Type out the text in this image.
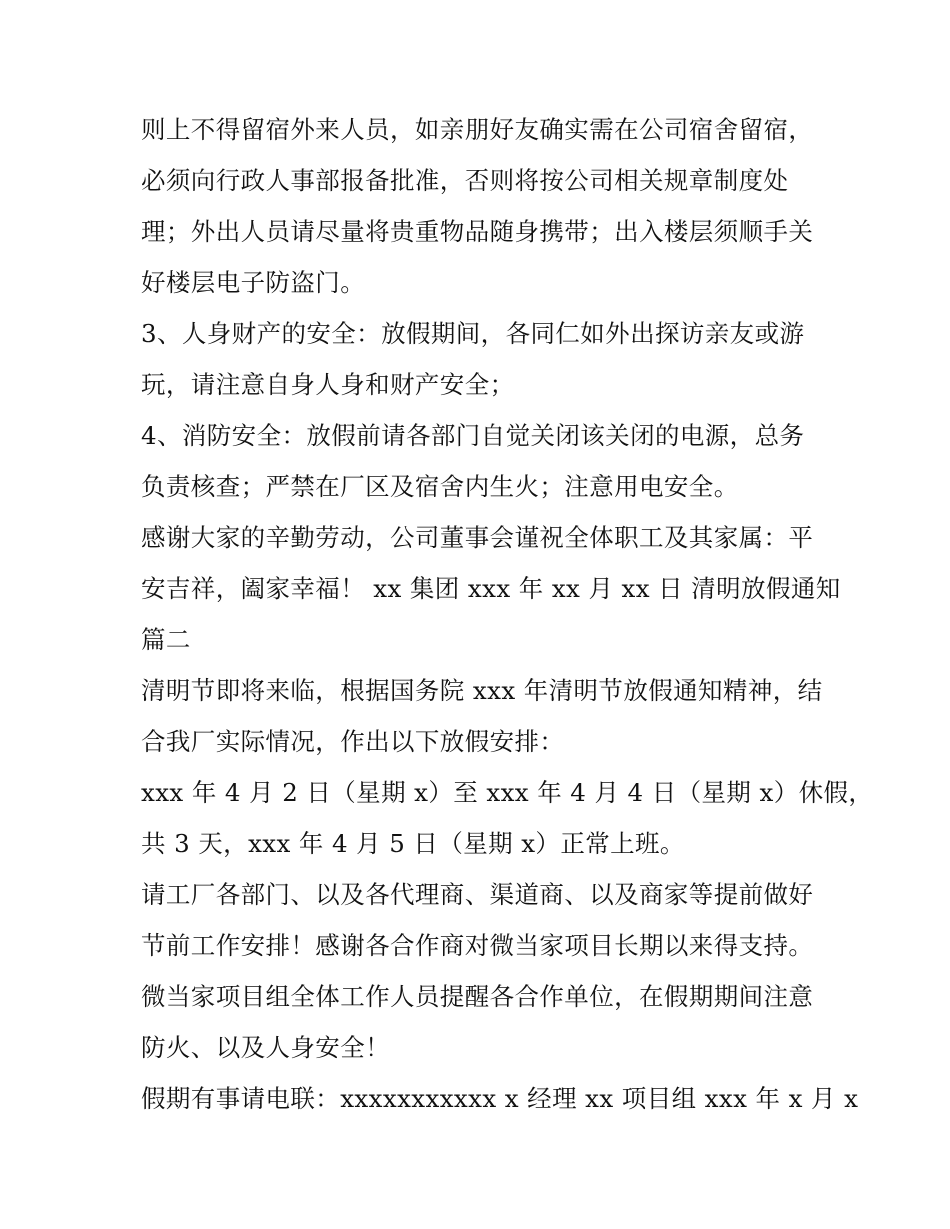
则上不得留宿外来人员，如亲朋好友确实需在公司宿舍留宿，
必须向行政人事部报备批准，否则将按公司相关规章制度处
理；外出人员请尽量将贵重物品随身携带；出入楼层须顺手关
好楼层电子防盗门。
3、人身财产的安全：放假期间，各同仁如外出探访亲友或游
玩，请注意自身人身和财产安全；
4、消防安全：放假前请各部门自觉关闭该关闭的电源，总务
负责核查；严禁在厂区及宿舍内生火；注意用电安全。
感谢大家的辛勤劳动，公司董事会谨祝全体职工及其家属：平
安吉祥，阖家幸福！ xx 集团 xxx 年 xx 月 xx 日 清明放假通知
篇二
清明节即将来临，根据国务院 xxx 年清明节放假通知精神，结
合我厂实际情况，作出以下放假安排：
xxx 年 4 月 2 日（星期 x）至 xxx 年 4 月 4 日（星期 x）休假，
共 3 天，xxx 年 4 月 5 日（星期 x）正常上班。
请工厂各部门、以及各代理商、渠道商、以及商家等提前做好
节前工作安排！感谢各合作商对微当家项目长期以来得支持。
微当家项目组全体工作人员提醒各合作单位，在假期期间注意
防火、以及人身安全！
假期有事请电联：xxxxxxxxxxx x 经理 xx 项目组 xxx 年 x 月 x
